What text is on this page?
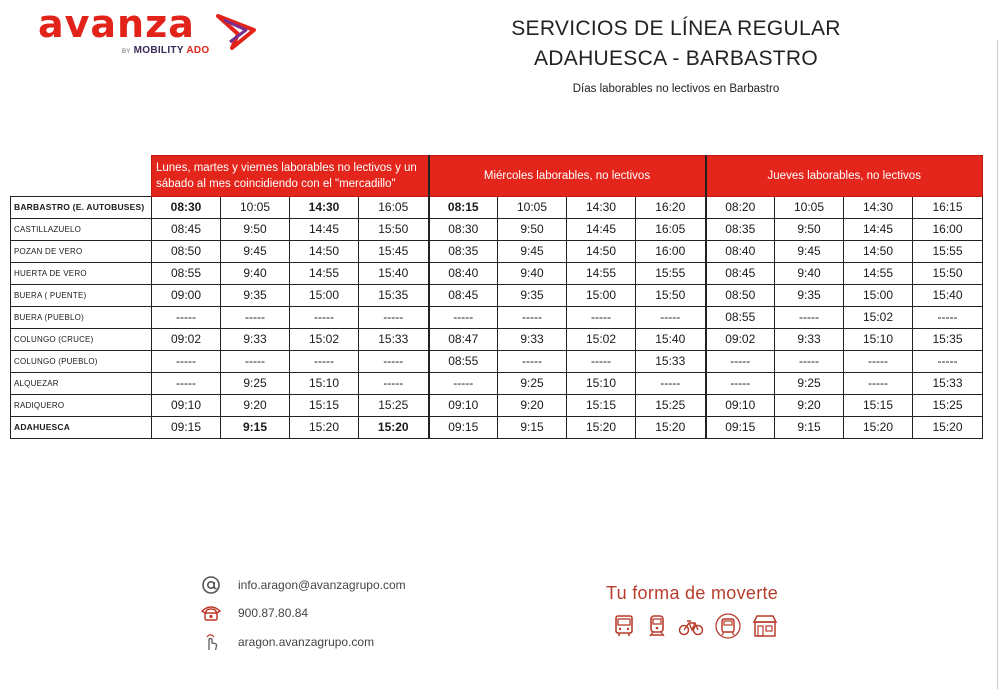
avanza
BY MOBILITY ADO
SERVICIOS DE LÍNEA REGULAR
ADAHUESCA - BARBASTRO
Días laborables no lectivos en Barbastro
	Lunes, martes y viernes laborables no lectivos y un sábado al mes coincidiendo con el "mercadillo"				Miércoles laborables, no lectivos				Jueves laborables, no lectivos			
BARBASTRO (E. AUTOBUSES)	08:30	10:05	14:30	16:05	08:15	10:05	14:30	16:20	08:20	10:05	14:30	16:15
CASTILLAZUELO	08:45	9:50	14:45	15:50	08:30	9:50	14:45	16:05	08:35	9:50	14:45	16:00
POZAN DE VERO	08:50	9:45	14:50	15:45	08:35	9:45	14:50	16:00	08:40	9:45	14:50	15:55
HUERTA DE VERO	08:55	9:40	14:55	15:40	08:40	9:40	14:55	15:55	08:45	9:40	14:55	15:50
BUERA ( PUENTE)	09:00	9:35	15:00	15:35	08:45	9:35	15:00	15:50	08:50	9:35	15:00	15:40
BUERA (PUEBLO)	-----	-----	-----	-----	-----	-----	-----	-----	08:55	-----	15:02	-----
COLUNGO (CRUCE)	09:02	9:33	15:02	15:33	08:47	9:33	15:02	15:40	09:02	9:33	15:10	15:35
COLUNGO (PUEBLO)	-----	-----	-----	-----	08:55	-----	-----	15:33	-----	-----	-----	-----
ALQUEZAR	-----	9:25	15:10	-----	-----	9:25	15:10	-----	-----	9:25	-----	15:33
RADIQUERO	09:10	9:20	15:15	15:25	09:10	9:20	15:15	15:25	09:10	9:20	15:15	15:25
ADAHUESCA	09:15	9:15	15:20	15:20	09:15	9:15	15:20	15:20	09:15	9:15	15:20	15:20
info.aragon@avanzagrupo.com
900.87.80.84
aragon.avanzagrupo.com
Tu forma de moverte
